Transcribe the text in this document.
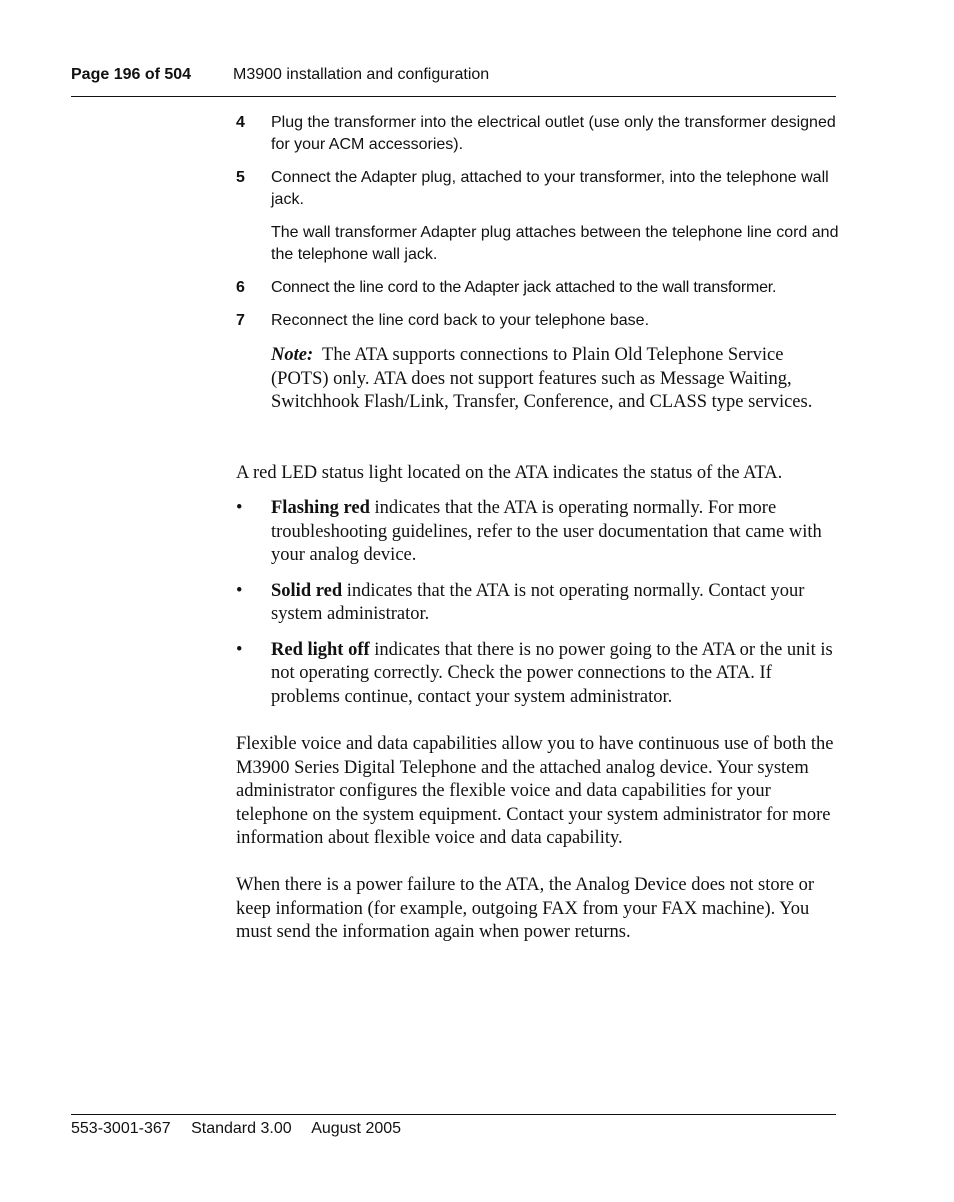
Page 196 of 504	M3900 installation and configuration
4 Plug the transformer into the electrical outlet (use only the transformer designed for your ACM accessories).

5 Connect the Adapter plug, attached to your transformer, into the telephone wall jack.

The wall transformer Adapter plug attaches between the telephone line cord and the telephone wall jack.

6 Connect the line cord to the Adapter jack attached to the wall transformer.

7 Reconnect the line cord back to your telephone base.

Note: The ATA supports connections to Plain Old Telephone Service (POTS) only. ATA does not support features such as Message Waiting, Switchhook Flash/Link, Transfer, Conference, and CLASS type services.

A red LED status light located on the ATA indicates the status of the ATA.

• Flashing red indicates that the ATA is operating normally. For more troubleshooting guidelines, refer to the user documentation that came with your analog device.
• Solid red indicates that the ATA is not operating normally. Contact your system administrator.
• Red light off indicates that there is no power going to the ATA or the unit is not operating correctly. Check the power connections to the ATA. If problems continue, contact your system administrator.

Flexible voice and data capabilities allow you to have continuous use of both the M3900 Series Digital Telephone and the attached analog device. Your system administrator configures the flexible voice and data capabilities for your telephone on the system equipment. Contact your system administrator for more information about flexible voice and data capability.

When there is a power failure to the ATA, the Analog Device does not store or keep information (for example, outgoing FAX from your FAX machine). You must send the information again when power returns.

553-3001-367 Standard 3.00 August 2005
